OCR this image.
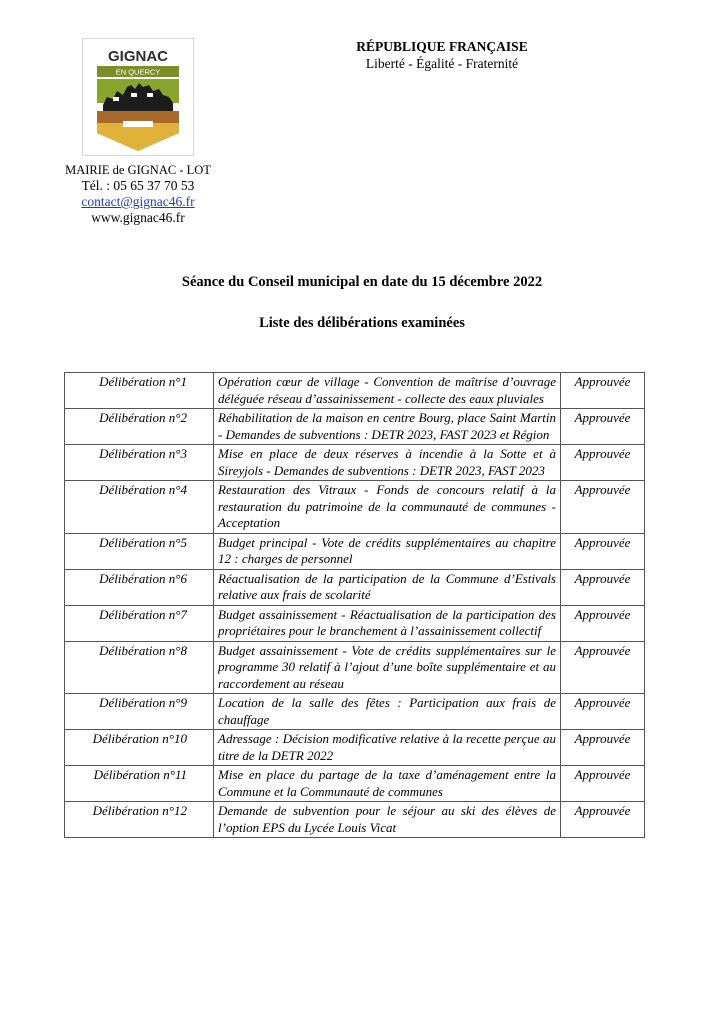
GIGNAC
EN QUERCY
MAIRIE de GIGNAC - LOT
Tél. : 05 65 37 70 53
contact@gignac46.fr
www.gignac46.fr
RÉPUBLIQUE FRANÇAISE
Liberté - Égalité - Fraternité
Séance du Conseil municipal en date du 15 décembre 2022
Liste des délibérations examinées
Délibération n°1	Opération cœur de village - Convention de maîtrise d’ouvrage déléguée réseau d’assainissement - collecte des eaux pluviales	Approuvée
Délibération n°2	Réhabilitation de la maison en centre Bourg, place Saint Martin - Demandes de subventions : DETR 2023, FAST 2023 et Région	Approuvée
Délibération n°3	Mise en place de deux réserves à incendie à la Sotte et à Sireyjols - Demandes de subventions : DETR 2023, FAST 2023	Approuvée
Délibération n°4	Restauration des Vitraux - Fonds de concours relatif à la restauration du patrimoine de la communauté de communes - Acceptation	Approuvée
Délibération n°5	Budget principal - Vote de crédits supplémentaires au chapitre 12 : charges de personnel	Approuvée
Délibération n°6	Réactualisation de la participation de la Commune d’Estivals relative aux frais de scolarité	Approuvée
Délibération n°7	Budget assainissement - Réactualisation de la participation des propriétaires pour le branchement à l’assainissement collectif	Approuvée
Délibération n°8	Budget assainissement - Vote de crédits supplémentaires sur le programme 30 relatif à l’ajout d’une boîte supplémentaire et au raccordement au réseau	Approuvée
Délibération n°9	Location de la salle des fêtes : Participation aux frais de chauffage	Approuvée
Délibération n°10	Adressage : Décision modificative relative à la recette perçue au titre de la DETR 2022	Approuvée
Délibération n°11	Mise en place du partage de la taxe d’aménagement entre la Commune et la Communauté de communes	Approuvée
Délibération n°12	Demande de subvention pour le séjour au ski des élèves de l’option EPS du Lycée Louis Vicat	Approuvée
